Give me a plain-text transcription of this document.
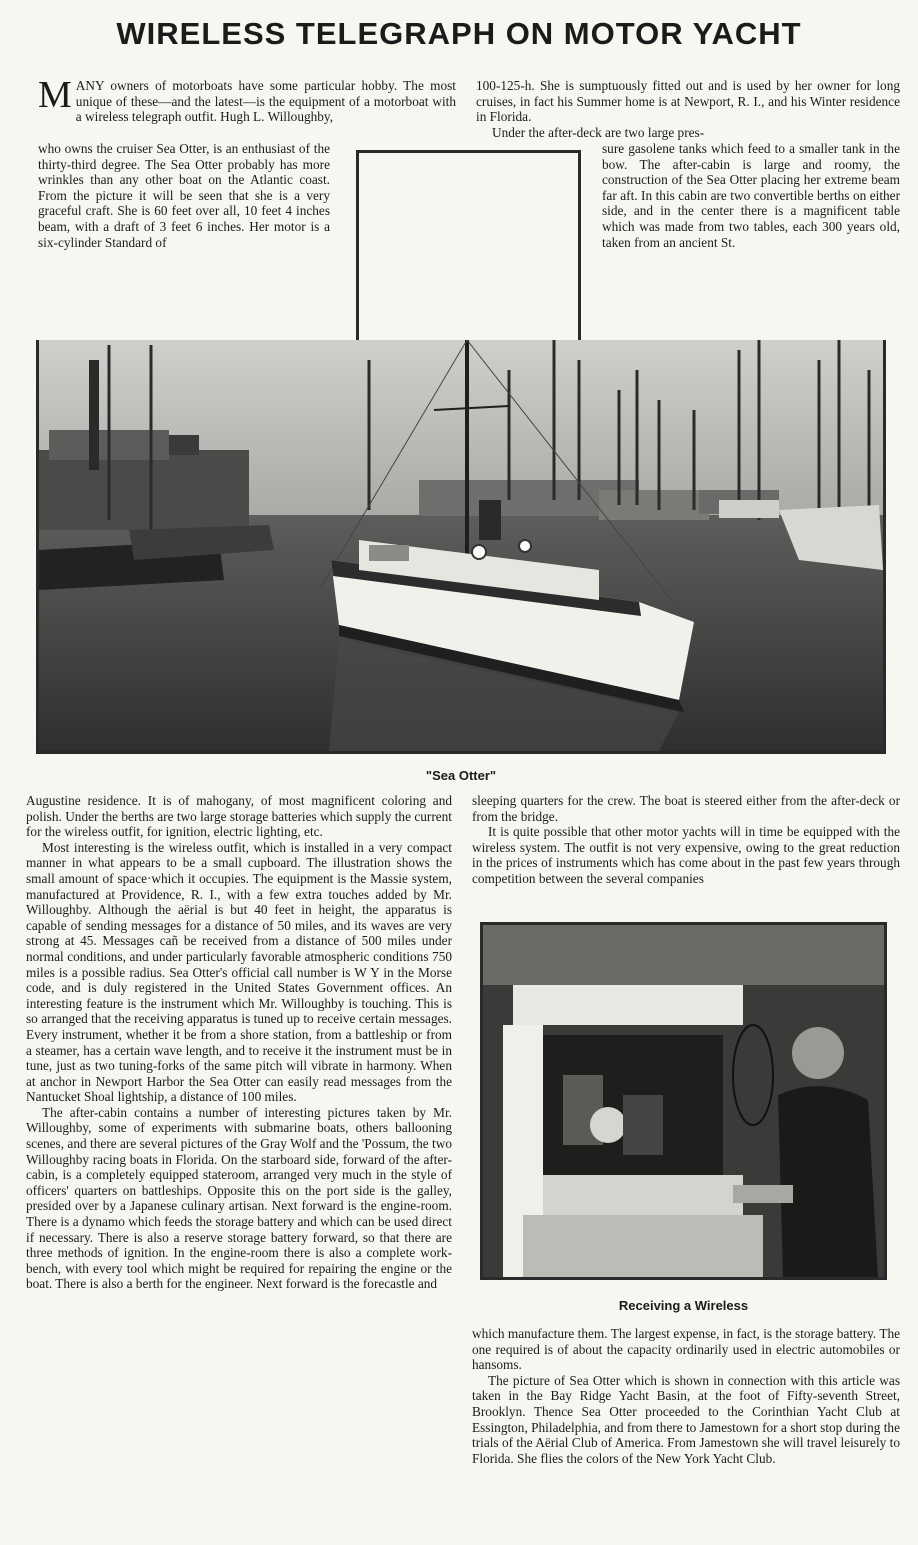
WIRELESS TELEGRAPH ON MOTOR YACHT

MANY owners of motorboats have some particular hobby. The most unique of these—and the latest—is the equipment of a motorboat with a wireless telegraph outfit. Hugh L. Willoughby,

who owns the cruiser Sea Otter, is an enthusiast of the thirty-third degree. The Sea Otter probably has more wrinkles than any other boat on the Atlantic coast. From the picture it will be seen that she is a very graceful craft. She is 60 feet over all, 10 feet 4 inches beam, with a draft of 3 feet 6 inches. Her motor is a six-cylinder Standard of

100-125-h. She is sumptuously fitted out and is used by her owner for long cruises, in fact his Summer home is at Newport, R. I., and his Winter residence in Florida.

Under the after-deck are two large pres-

sure gasolene tanks which feed to a smaller tank in the bow. The after-cabin is large and roomy, the construction of the Sea Otter placing her extreme beam far aft. In this cabin are two convertible berths on either side, and in the center there is a magnificent table which was made from two tables, each 300 years old, taken from an ancient St.

"Sea Otter"

Augustine residence. It is of mahogany, of most magnificent coloring and polish. Under the berths are two large storage batteries which supply the current for the wireless outfit, for ignition, electric lighting, etc.

Most interesting is the wireless outfit, which is installed in a very compact manner in what appears to be a small cupboard. The illustration shows the small amount of space·which it occupies. The equipment is the Massie system, manufactured at Providence, R. I., with a few extra touches added by Mr. Willoughby. Although the aërial is but 40 feet in height, the apparatus is capable of sending messages for a distance of 50 miles, and its waves are very strong at 45. Messages cañ be received from a distance of 500 miles under normal conditions, and under particularly favorable atmospheric conditions 750 miles is a possible radius. Sea Otter's official call number is W Y in the Morse code, and is duly registered in the United States Government offices. An interesting feature is the instrument which Mr. Willoughby is touching. This is so arranged that the receiving apparatus is tuned up to receive certain messages. Every instrument, whether it be from a shore station, from a battleship or from a steamer, has a certain wave length, and to receive it the instrument must be in tune, just as two tuning-forks of the same pitch will vibrate in harmony. When at anchor in Newport Harbor the Sea Otter can easily read messages from the Nantucket Shoal lightship, a distance of 100 miles.

The after-cabin contains a number of interesting pictures taken by Mr. Willoughby, some of experiments with submarine boats, others ballooning scenes, and there are several pictures of the Gray Wolf and the 'Possum, the two Willoughby racing boats in Florida. On the starboard side, forward of the after-cabin, is a completely equipped stateroom, arranged very much in the style of officers' quarters on battleships. Opposite this on the port side is the galley, presided over by a Japanese culinary artisan. Next forward is the engine-room. There is a dynamo which feeds the storage battery and which can be used direct if necessary. There is also a reserve storage battery forward, so that there are three methods of ignition. In the engine-room there is also a complete work-bench, with every tool which might be required for repairing the engine or the boat. There is also a berth for the engineer. Next forward is the forecastle and

sleeping quarters for the crew. The boat is steered either from the after-deck or from the bridge.

It is quite possible that other motor yachts will in time be equipped with the wireless system. The outfit is not very expensive, owing to the great reduction in the prices of instruments which has come about in the past few years through competition between the several companies

Receiving a Wireless

which manufacture them. The largest expense, in fact, is the storage battery. The one required is of about the capacity ordinarily used in electric automobiles or hansoms.

The picture of Sea Otter which is shown in connection with this article was taken in the Bay Ridge Yacht Basin, at the foot of Fifty-seventh Street, Brooklyn. Thence Sea Otter proceeded to the Corinthian Yacht Club at Essington, Philadelphia, and from there to Jamestown for a short stop during the trials of the Aërial Club of America. From Jamestown she will travel leisurely to Florida. She flies the colors of the New York Yacht Club.
